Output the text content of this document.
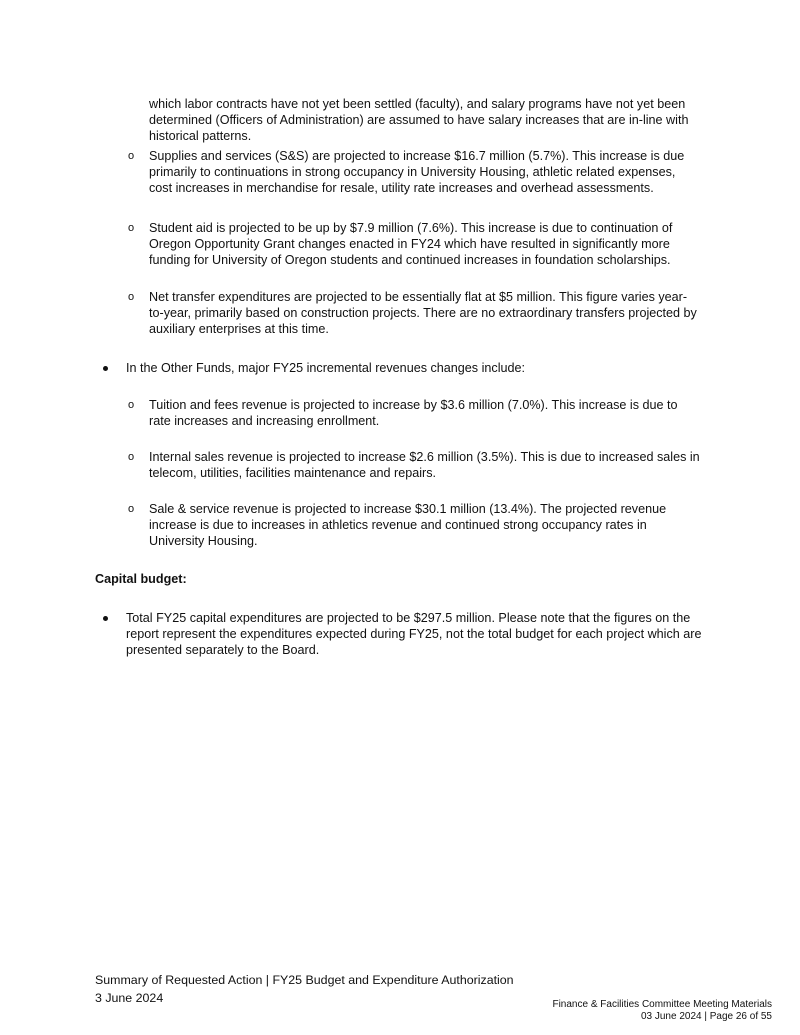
which labor contracts have not yet been settled (faculty), and salary programs have not yet been determined (Officers of Administration) are assumed to have salary increases that are in-line with historical patterns.

o Supplies and services (S&S) are projected to increase $16.7 million (5.7%). This increase is due primarily to continuations in strong occupancy in University Housing, athletic related expenses, cost increases in merchandise for resale, utility rate increases and overhead assessments.
o Student aid is projected to be up by $7.9 million (7.6%). This increase is due to continuation of Oregon Opportunity Grant changes enacted in FY24 which have resulted in significantly more funding for University of Oregon students and continued increases in foundation scholarships.
o Net transfer expenditures are projected to be essentially flat at $5 million. This figure varies year-to-year, primarily based on construction projects. There are no extraordinary transfers projected by auxiliary enterprises at this time.
In the Other Funds, major FY25 incremental revenues changes include:
o Tuition and fees revenue is projected to increase by $3.6 million (7.0%). This increase is due to rate increases and increasing enrollment.
o Internal sales revenue is projected to increase $2.6 million (3.5%). This is due to increased sales in telecom, utilities, facilities maintenance and repairs.
o Sale & service revenue is projected to increase $30.1 million (13.4%). The projected revenue increase is due to increases in athletics revenue and continued strong occupancy rates in University Housing.
Capital budget:
Total FY25 capital expenditures are projected to be $297.5 million. Please note that the figures on the report represent the expenditures expected during FY25, not the total budget for each project which are presented separately to the Board.
Summary of Requested Action | FY25 Budget and Expenditure Authorization
3 June 2024	Finance & Facilities Committee Meeting Materials
03 June 2024 | Page 26 of 55
